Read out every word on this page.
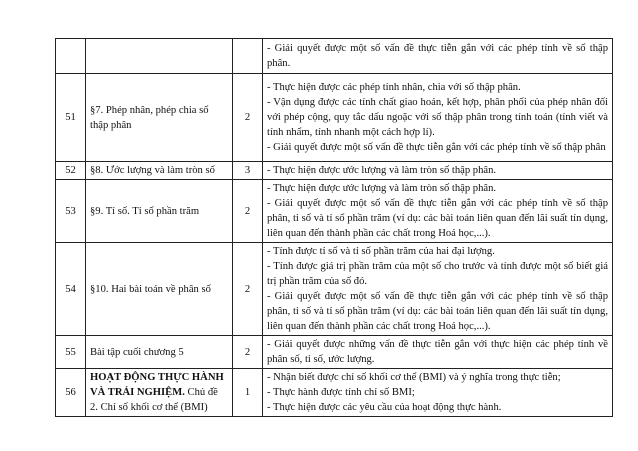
			- Giải quyết được một số vấn đề thực tiễn gắn với các phép tính về số thập phân.

51	§7. Phép nhân, phép chia số thập phân	2	- Thực hiện được các phép tính nhân, chia với số thập phân.
- Vận dụng được các tính chất giao hoán, kết hợp, phân phối của phép nhân đối với phép cộng, quy tắc dấu ngoặc với số thập phân trong tính toán (tính viết và tính nhẩm, tính nhanh một cách hợp lí).
- Giải quyết được một số vấn đề thực tiễn gắn với các phép tính về số thập phân

52	§8. Ước lượng và làm tròn số	3	- Thực hiện được ước lượng và làm tròn số thập phân.

53	§9. Tỉ số. Tỉ số phần trăm	2	- Thực hiện được ước lượng và làm tròn số thập phân.
- Giải quyết được một số vấn đề thực tiễn gắn với các phép tính về số thập phân, tỉ số và tỉ số phần trăm (ví dụ: các bài toán liên quan đến lãi suất tín dụng, liên quan đến thành phần các chất trong Hoá học,...).

54	§10. Hai bài toán về phân số	2	- Tính được tỉ số và tỉ số phần trăm của hai đại lượng.
- Tính được giá trị phần trăm của một số cho trước và tính được một số biết giá trị phần trăm của số đó.
- Giải quyết được một số vấn đề thực tiễn gắn với các phép tính về số thập phân, tỉ số và tỉ số phần trăm (ví dụ: các bài toán liên quan đến lãi suất tín dụng, liên quan đến thành phần các chất trong Hoá học,...).

55	Bài tập cuối chương 5	2	- Giải quyết được những vấn đề thực tiễn gắn với thực hiện các phép tính về phân số, tỉ số, ước lượng.

56	HOẠT ĐỘNG THỰC HÀNH VÀ TRẢI NGHIỆM. Chủ đề 2. Chỉ số khối cơ thể (BMI)	1	- Nhận biết được chỉ số khối cơ thể (BMI) và ý nghĩa trong thực tiễn;
- Thực hành được tính chỉ số BMI;
- Thực hiện được các yêu cầu của hoạt động thực hành.
